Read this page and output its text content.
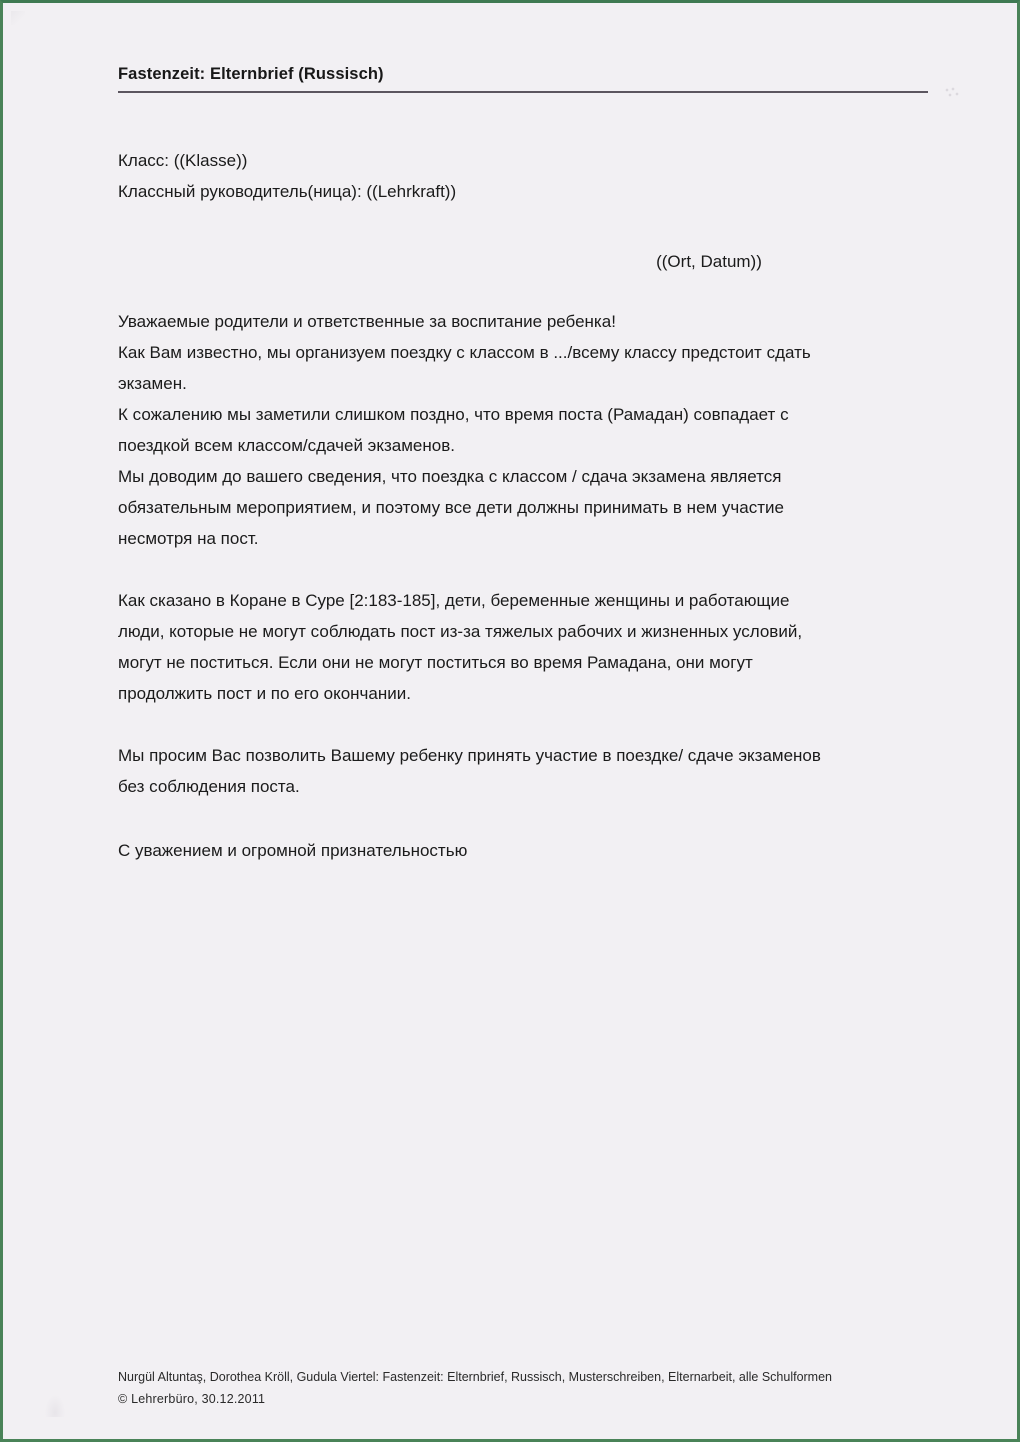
Fastenzeit: Elternbrief (Russisch)
Класс: ((Klasse))
Классный руководитель(ница): ((Lehrkraft))
((Ort, Datum))

Уважаемые родители и ответственные за воспитание ребенка!
Как Вам известно, мы организуем поездку с классом в .../всему классу предстоит сдать
экзамен.
К сожалению мы заметили слишком поздно, что время поста (Рамадан) совпадает с
поездкой всем классом/сдачей экзаменов.
Мы доводим до вашего сведения, что поездка с классом / сдача экзамена является
обязательным мероприятием, и поэтому все дети должны принимать в нем участие
несмотря на пост.

Как сказано в Коране в Суре [2:183-185], дети, беременные женщины и работающие
люди, которые не могут соблюдать пост из-за тяжелых рабочих и жизненных условий,
могут не поститься. Если они не могут поститься во время Рамадана, они могут
продолжить пост и по его окончании.

Мы просим Вас позволить Вашему ребенку принять участие в поездке/ сдаче экзаменов
без соблюдения поста.

С уважением и огромной признательностью
Nurgül Altuntaş, Dorothea Kröll, Gudula Viertel: Fastenzeit: Elternbrief, Russisch, Musterschreiben, Elternarbeit, alle Schulformen
© Lehrerbüro, 30.12.2011
